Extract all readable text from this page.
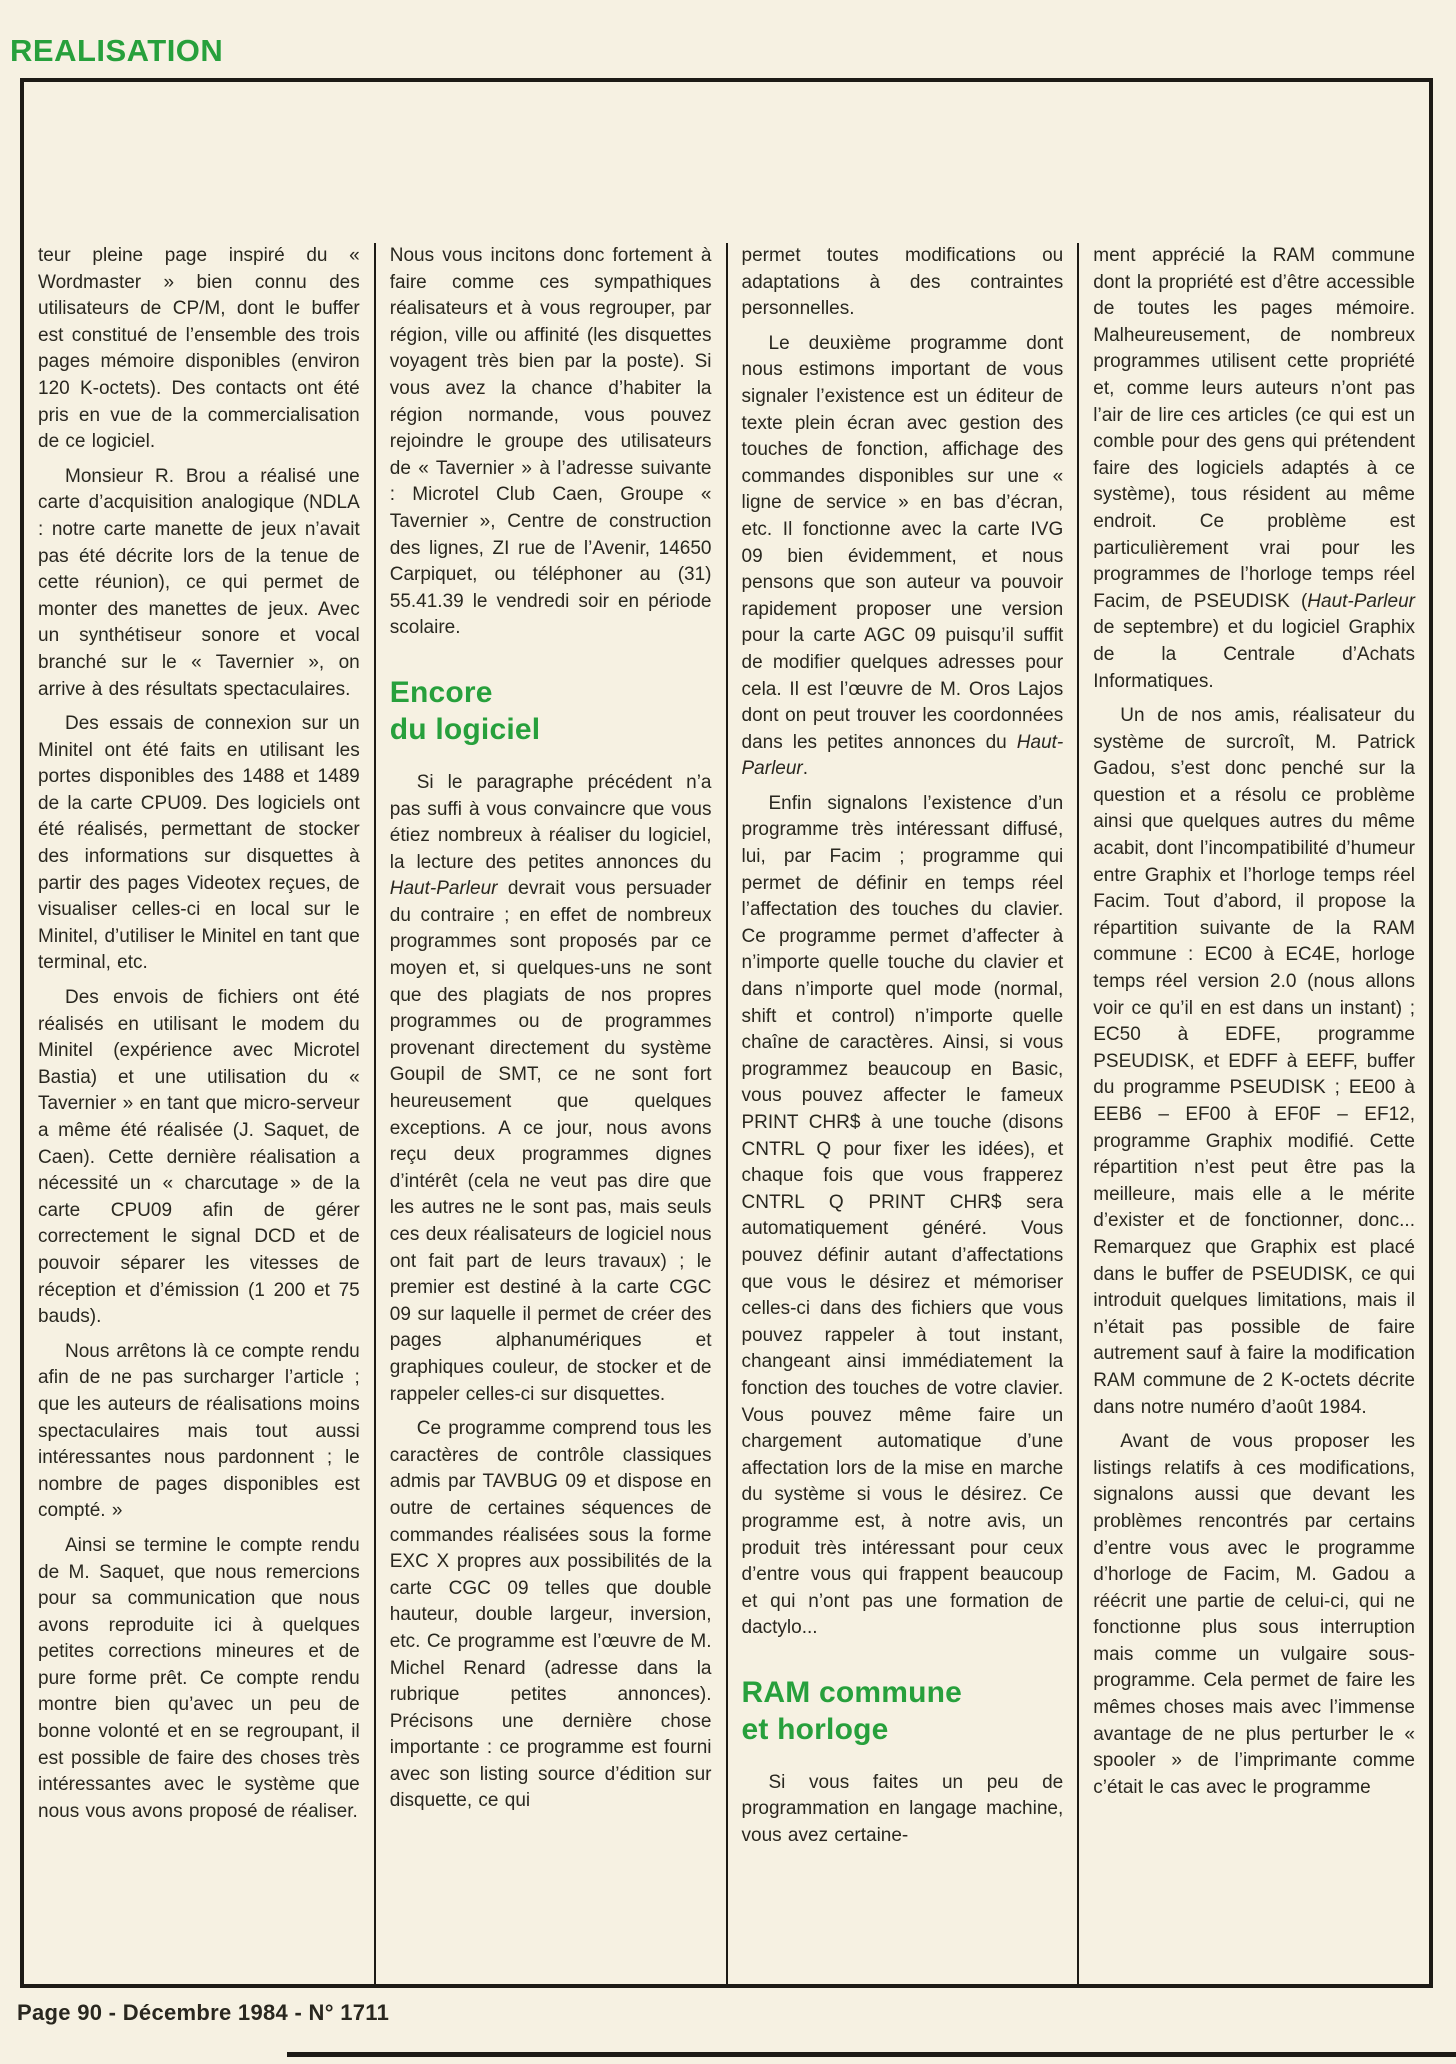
REALISATION

teur pleine page inspiré du « Wordmaster » bien connu des utilisateurs de CP/M, dont le buffer est constitué de l’ensemble des trois pages mémoire disponibles (environ 120 K-octets). Des contacts ont été pris en vue de la commercialisation de ce logiciel.

Monsieur R. Brou a réalisé une carte d’acquisition analogique (NDLA : notre carte manette de jeux n’avait pas été décrite lors de la tenue de cette réunion), ce qui permet de monter des manettes de jeux. Avec un synthétiseur sonore et vocal branché sur le « Tavernier », on arrive à des résultats spectaculaires.

Des essais de connexion sur un Minitel ont été faits en utilisant les portes disponibles des 1488 et 1489 de la carte CPU09. Des logiciels ont été réalisés, permettant de stocker des informations sur disquettes à partir des pages Videotex reçues, de visualiser celles-ci en local sur le Minitel, d’utiliser le Minitel en tant que terminal, etc.

Des envois de fichiers ont été réalisés en utilisant le modem du Minitel (expérience avec Microtel Bastia) et une utilisation du « Tavernier » en tant que micro-serveur a même été réalisée (J. Saquet, de Caen). Cette dernière réalisation a nécessité un « charcutage » de la carte CPU09 afin de gérer correctement le signal DCD et de pouvoir séparer les vitesses de réception et d’émission (1 200 et 75 bauds).

Nous arrêtons là ce compte rendu afin de ne pas surcharger l’article ; que les auteurs de réalisations moins spectaculaires mais tout aussi intéressantes nous pardonnent ; le nombre de pages disponibles est compté. »

Ainsi se termine le compte rendu de M. Saquet, que nous remercions pour sa communication que nous avons reproduite ici à quelques petites corrections mineures et de pure forme prêt. Ce compte rendu montre bien qu’avec un peu de bonne volonté et en se regroupant, il est possible de faire des choses très intéressantes avec le système que nous vous avons proposé de réaliser.

Nous vous incitons donc fortement à faire comme ces sympathiques réalisateurs et à vous regrouper, par région, ville ou affinité (les disquettes voyagent très bien par la poste). Si vous avez la chance d’habiter la région normande, vous pouvez rejoindre le groupe des utilisateurs de « Tavernier » à l’adresse suivante : Microtel Club Caen, Groupe « Tavernier », Centre de construction des lignes, ZI rue de l’Avenir, 14650 Carpiquet, ou téléphoner au (31) 55.41.39 le vendredi soir en période scolaire.

Encore
du logiciel

Si le paragraphe précédent n’a pas suffi à vous convaincre que vous étiez nombreux à réaliser du logiciel, la lecture des petites annonces du Haut-Parleur devrait vous persuader du contraire ; en effet de nombreux programmes sont proposés par ce moyen et, si quelques-uns ne sont que des plagiats de nos propres programmes ou de programmes provenant directement du système Goupil de SMT, ce ne sont fort heureusement que quelques exceptions. A ce jour, nous avons reçu deux programmes dignes d’intérêt (cela ne veut pas dire que les autres ne le sont pas, mais seuls ces deux réalisateurs de logiciel nous ont fait part de leurs travaux) ; le premier est destiné à la carte CGC 09 sur laquelle il permet de créer des pages alphanumériques et graphiques couleur, de stocker et de rappeler celles-ci sur disquettes.

Ce programme comprend tous les caractères de contrôle classiques admis par TAVBUG 09 et dispose en outre de certaines séquences de commandes réalisées sous la forme EXC X propres aux possibilités de la carte CGC 09 telles que double hauteur, double largeur, inversion, etc. Ce programme est l’œuvre de M. Michel Renard (adresse dans la rubrique petites annonces). Précisons une dernière chose importante : ce programme est fourni avec son listing source d’édition sur disquette, ce qui

permet toutes modifications ou adaptations à des contraintes personnelles.

Le deuxième programme dont nous estimons important de vous signaler l’existence est un éditeur de texte plein écran avec gestion des touches de fonction, affichage des commandes disponibles sur une « ligne de service » en bas d’écran, etc. Il fonctionne avec la carte IVG 09 bien évidemment, et nous pensons que son auteur va pouvoir rapidement proposer une version pour la carte AGC 09 puisqu’il suffit de modifier quelques adresses pour cela. Il est l’œuvre de M. Oros Lajos dont on peut trouver les coordonnées dans les petites annonces du Haut-Parleur.

Enfin signalons l’existence d’un programme très intéressant diffusé, lui, par Facim ; programme qui permet de définir en temps réel l’affectation des touches du clavier. Ce programme permet d’affecter à n’importe quelle touche du clavier et dans n’importe quel mode (normal, shift et control) n’importe quelle chaîne de caractères. Ainsi, si vous programmez beaucoup en Basic, vous pouvez affecter le fameux PRINT CHR$ à une touche (disons CNTRL Q pour fixer les idées), et chaque fois que vous frapperez CNTRL Q PRINT CHR$ sera automatiquement généré. Vous pouvez définir autant d’affectations que vous le désirez et mémoriser celles-ci dans des fichiers que vous pouvez rappeler à tout instant, changeant ainsi immédiatement la fonction des touches de votre clavier. Vous pouvez même faire un chargement automatique d’une affectation lors de la mise en marche du système si vous le désirez. Ce programme est, à notre avis, un produit très intéressant pour ceux d’entre vous qui frappent beaucoup et qui n’ont pas une formation de dactylo...

RAM commune
et horloge

Si vous faites un peu de programmation en langage machine, vous avez certaine-

ment apprécié la RAM commune dont la propriété est d’être accessible de toutes les pages mémoire. Malheureusement, de nombreux programmes utilisent cette propriété et, comme leurs auteurs n’ont pas l’air de lire ces articles (ce qui est un comble pour des gens qui prétendent faire des logiciels adaptés à ce système), tous résident au même endroit. Ce problème est particulièrement vrai pour les programmes de l’horloge temps réel Facim, de PSEUDISK (Haut-Parleur de septembre) et du logiciel Graphix de la Centrale d’Achats Informatiques.

Un de nos amis, réalisateur du système de surcroît, M. Patrick Gadou, s’est donc penché sur la question et a résolu ce problème ainsi que quelques autres du même acabit, dont l’incompatibilité d’humeur entre Graphix et l’horloge temps réel Facim. Tout d’abord, il propose la répartition suivante de la RAM commune : EC00 à EC4E, horloge temps réel version 2.0 (nous allons voir ce qu’il en est dans un instant) ; EC50 à EDFE, programme PSEUDISK, et EDFF à EEFF, buffer du programme PSEUDISK ; EE00 à EEB6 – EF00 à EF0F – EF12, programme Graphix modifié. Cette répartition n’est peut être pas la meilleure, mais elle a le mérite d’exister et de fonctionner, donc... Remarquez que Graphix est placé dans le buffer de PSEUDISK, ce qui introduit quelques limitations, mais il n’était pas possible de faire autrement sauf à faire la modification RAM commune de 2 K-octets décrite dans notre numéro d’août 1984.

Avant de vous proposer les listings relatifs à ces modifications, signalons aussi que devant les problèmes rencontrés par certains d’entre vous avec le programme d’horloge de Facim, M. Gadou a réécrit une partie de celui-ci, qui ne fonctionne plus sous interruption mais comme un vulgaire sous-programme. Cela permet de faire les mêmes choses mais avec l’immense avantage de ne plus perturber le « spooler » de l’imprimante comme c’était le cas avec le programme

Page 90 - Décembre 1984 - N° 1711
